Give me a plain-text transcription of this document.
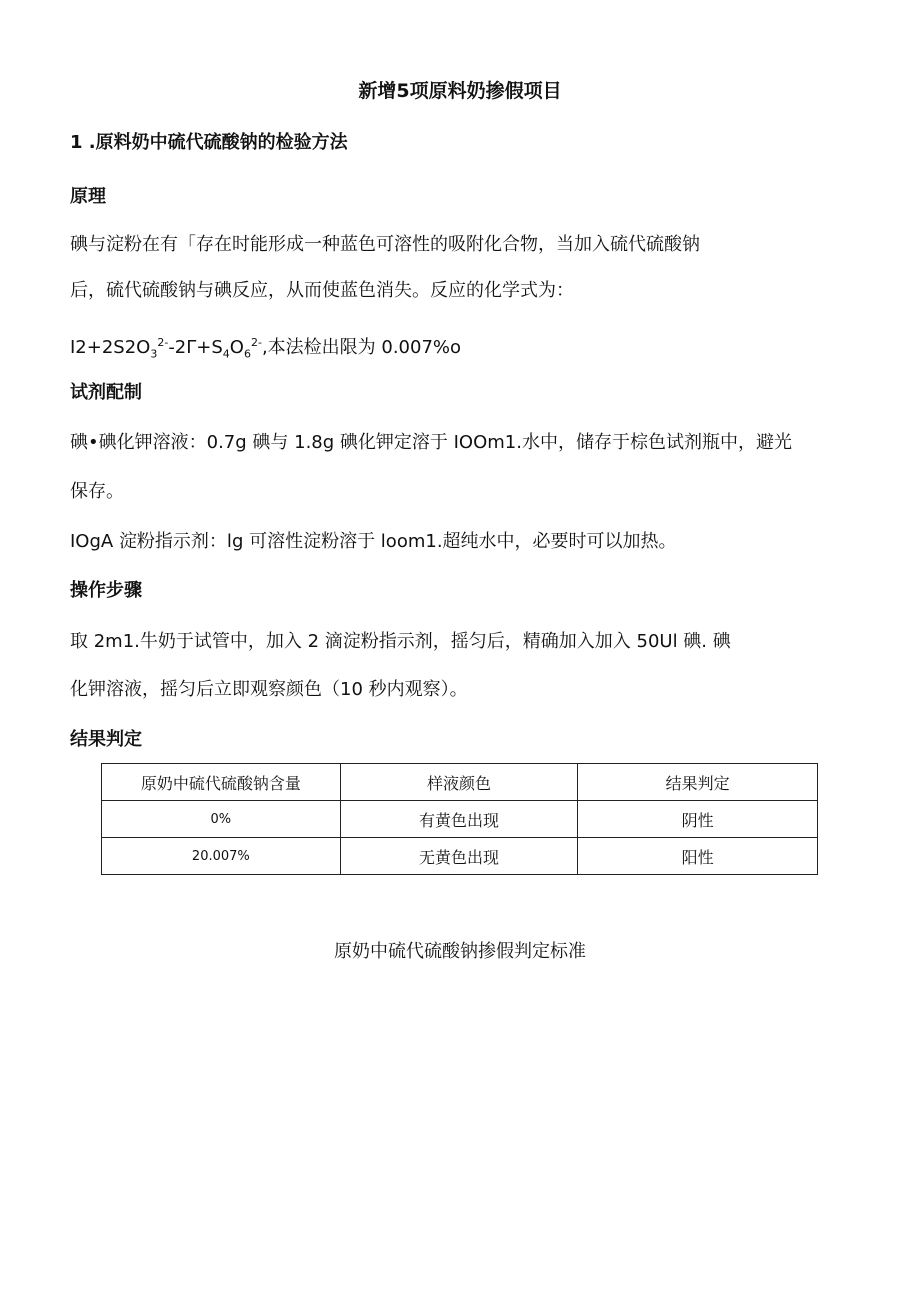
新增5项原料奶掺假项目
1 .原料奶中硫代硫酸钠的检验方法
原理
碘与淀粉在有「存在时能形成一种蓝色可溶性的吸附化合物，当加入硫代硫酸钠
后，硫代硫酸钠与碘反应，从而使蓝色消失。反应的化学式为：
$I2+2S2O_3^{2-}-2\Gamma+S_4O_6^{2-}$,本法检出限为 0.007%o
试剂配制
碘•碘化钾溶液：0.7g 碘与 1.8g 碘化钾定溶于 IOOm1.水中，储存于棕色试剂瓶中，避光
保存。
IOgA 淀粉指示剂：lg 可溶性淀粉溶于 loom1.超纯水中，必要时可以加热。
操作步骤
取 2m1.牛奶于试管中，加入 2 滴淀粉指示剂，摇匀后，精确加入加入 50Ul 碘. 碘
化钾溶液，摇匀后立即观察颜色（10 秒内观察）。
结果判定
原奶中硫代硫酸钠含量	样液颜色	结果判定
0%	有黄色出现	阴性
20.007%	无黄色出现	阳性
原奶中硫代硫酸钠掺假判定标准
